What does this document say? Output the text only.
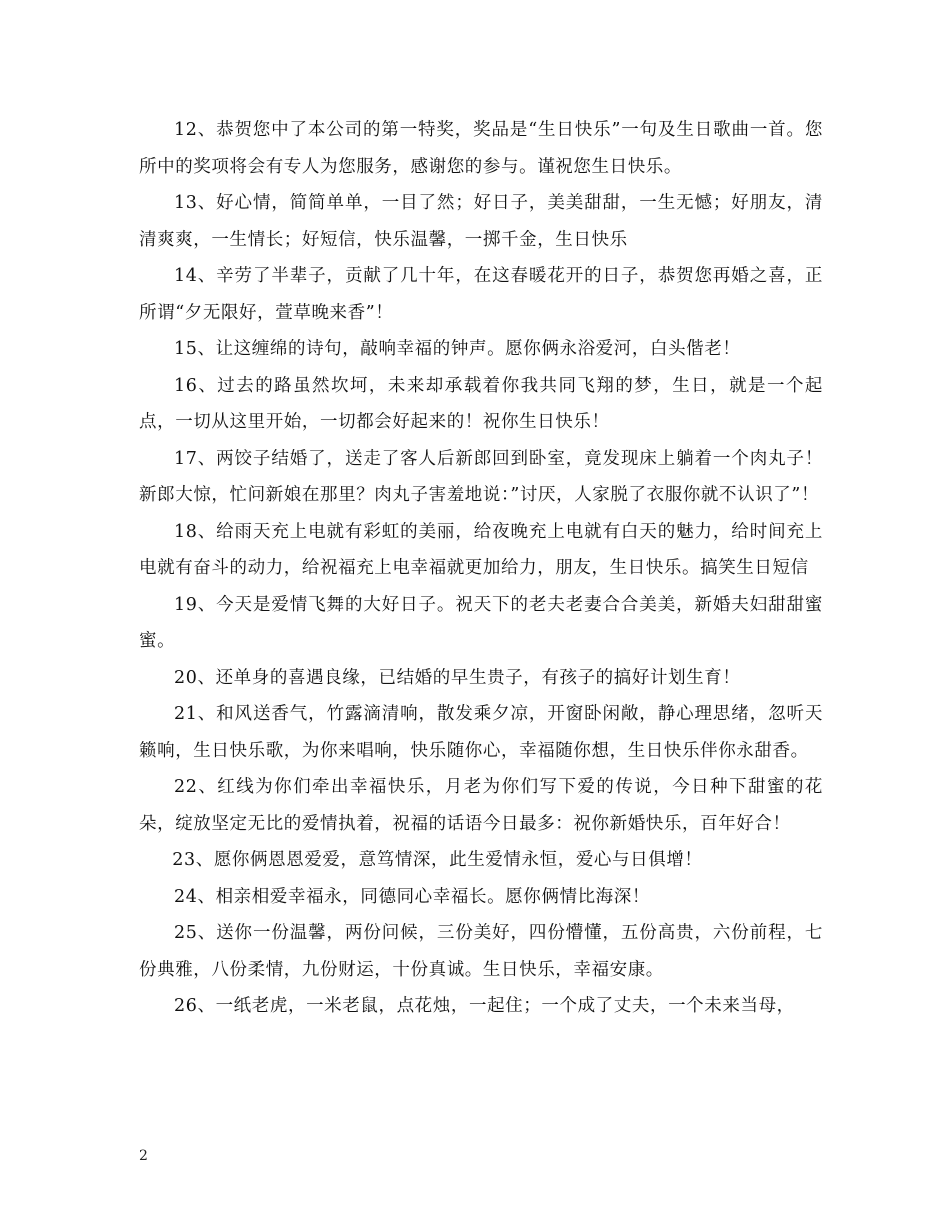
12、恭贺您中了本公司的第一特奖，奖品是“生日快乐”一句及生日歌曲一首。您所中的奖项将会有专人为您服务，感谢您的参与。谨祝您生日快乐。

13、好心情，简简单单，一目了然；好日子，美美甜甜，一生无憾；好朋友，清清爽爽，一生情长；好短信，快乐温馨，一掷千金，生日快乐

14、辛劳了半辈子，贡献了几十年，在这春暖花开的日子，恭贺您再婚之喜，正所谓“夕无限好，萱草晚来香”！

15、让这缠绵的诗句，敲响幸福的钟声。愿你俩永浴爱河，白头偕老！

16、过去的路虽然坎坷，未来却承载着你我共同飞翔的梦，生日，就是一个起点，一切从这里开始，一切都会好起来的！祝你生日快乐！

17、两饺子结婚了，送走了客人后新郎回到卧室，竟发现床上躺着一个肉丸子！新郎大惊，忙问新娘在那里？肉丸子害羞地说：”讨厌，人家脱了衣服你就不认识了”！

18、给雨天充上电就有彩虹的美丽，给夜晚充上电就有白天的魅力，给时间充上电就有奋斗的动力，给祝福充上电幸福就更加给力，朋友，生日快乐。搞笑生日短信

19、今天是爱情飞舞的大好日子。祝天下的老夫老妻合合美美，新婚夫妇甜甜蜜蜜。

20、还单身的喜遇良缘，已结婚的早生贵子，有孩子的搞好计划生育！

21、和风送香气，竹露滴清响，散发乘夕凉，开窗卧闲敞，静心理思绪，忽听天籁响，生日快乐歌，为你来唱响，快乐随你心，幸福随你想，生日快乐伴你永甜香。

22、红线为你们牵出幸福快乐，月老为你们写下爱的传说，今日种下甜蜜的花朵，绽放坚定无比的爱情执着，祝福的话语今日最多：祝你新婚快乐，百年好合！

23、愿你俩恩恩爱爱，意笃情深，此生爱情永恒，爱心与日俱增！

24、相亲相爱幸福永，同德同心幸福长。愿你俩情比海深！

25、送你一份温馨，两份问候，三份美好，四份懵懂，五份高贵，六份前程，七份典雅，八份柔情，九份财运，十份真诚。生日快乐，幸福安康。

26、一纸老虎，一米老鼠，点花烛，一起住；一个成了丈夫，一个未来当母，

2
